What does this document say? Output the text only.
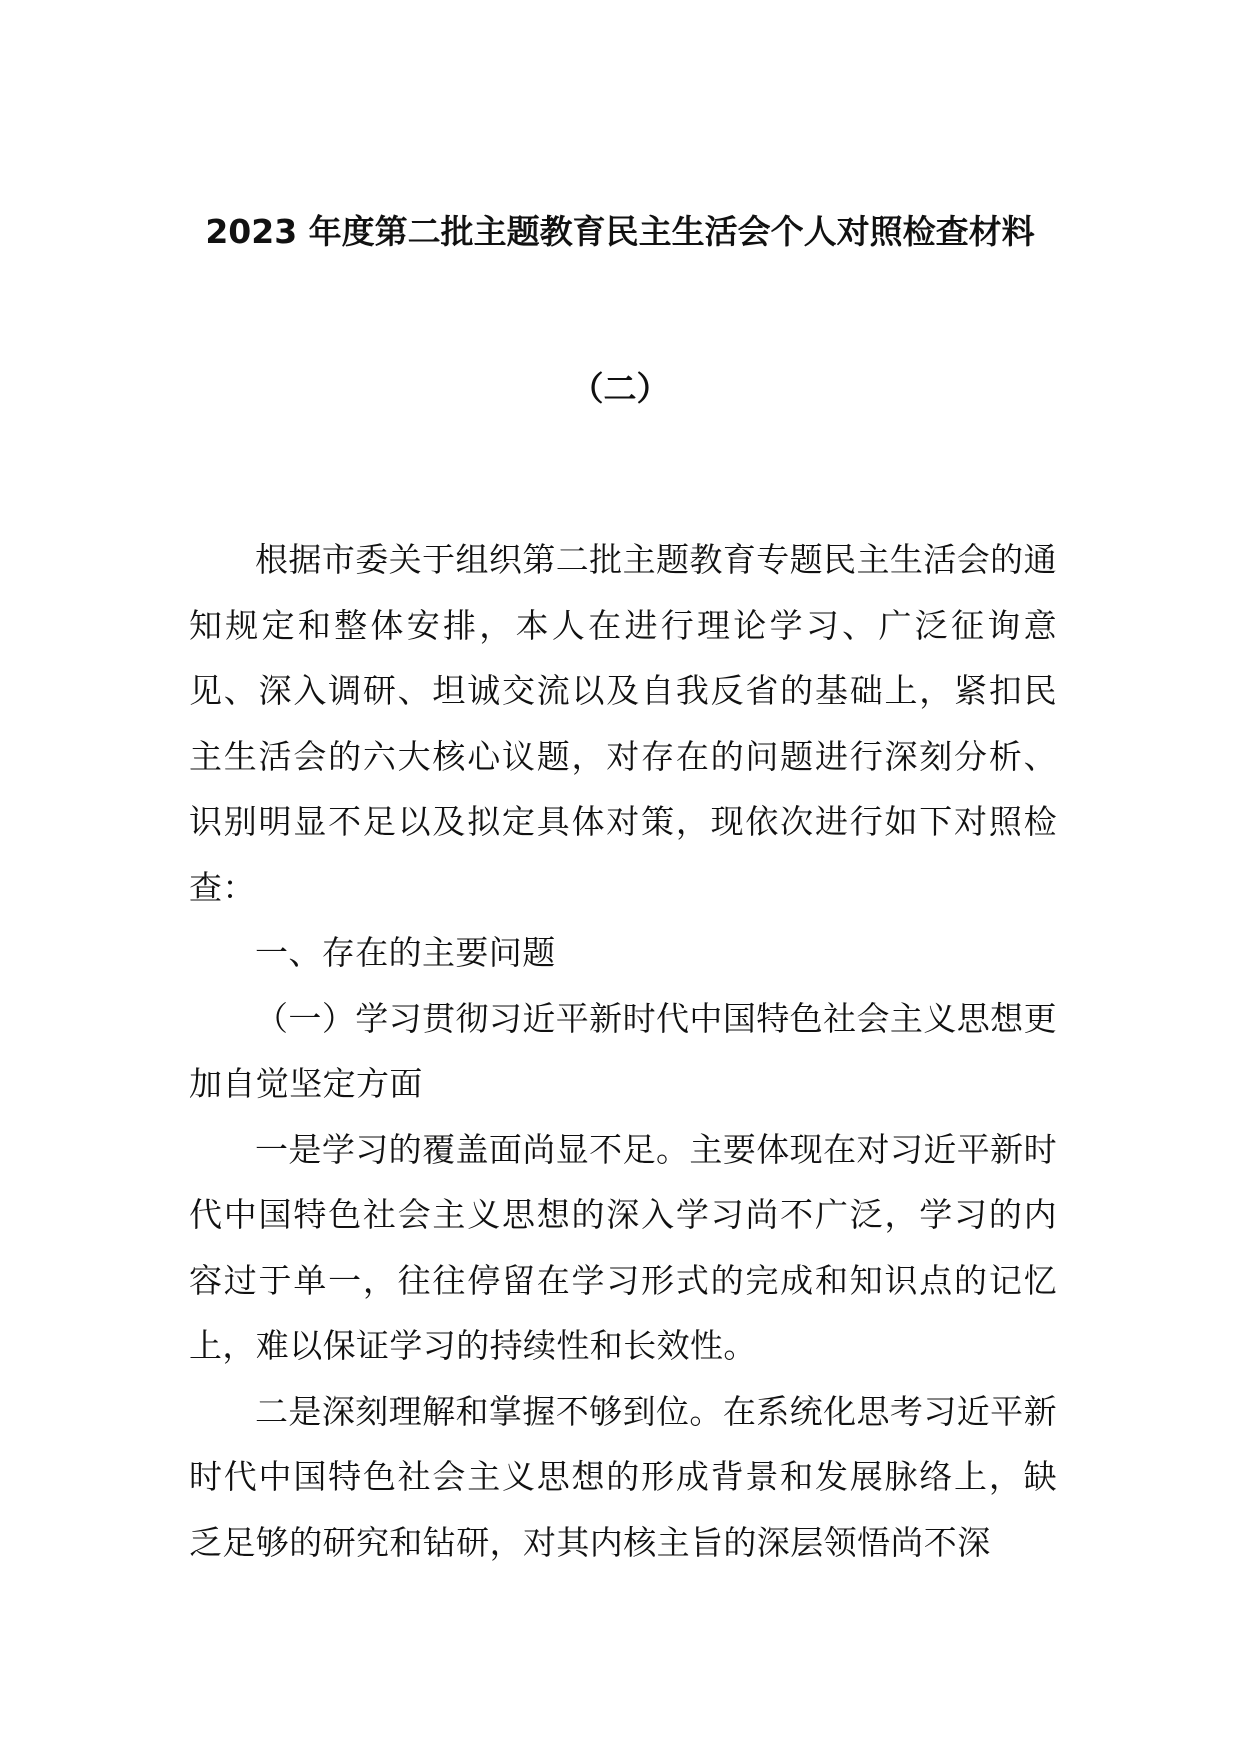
2023 年度第二批主题教育民主生活会个人对照检查材料
（二）

根据市委关于组织第二批主题教育专题民主生活会的通知规定和整体安排，本人在进行理论学习、广泛征询意见、深入调研、坦诚交流以及自我反省的基础上，紧扣民主生活会的六大核心议题，对存在的问题进行深刻分析、识别明显不足以及拟定具体对策，现依次进行如下对照检查：

一、存在的主要问题

（一）学习贯彻习近平新时代中国特色社会主义思想更加自觉坚定方面

一是学习的覆盖面尚显不足。主要体现在对习近平新时代中国特色社会主义思想的深入学习尚不广泛，学习的内容过于单一，往往停留在学习形式的完成和知识点的记忆上，难以保证学习的持续性和长效性。

二是深刻理解和掌握不够到位。在系统化思考习近平新时代中国特色社会主义思想的形成背景和发展脉络上，缺乏足够的研究和钻研，对其内核主旨的深层领悟尚不深
